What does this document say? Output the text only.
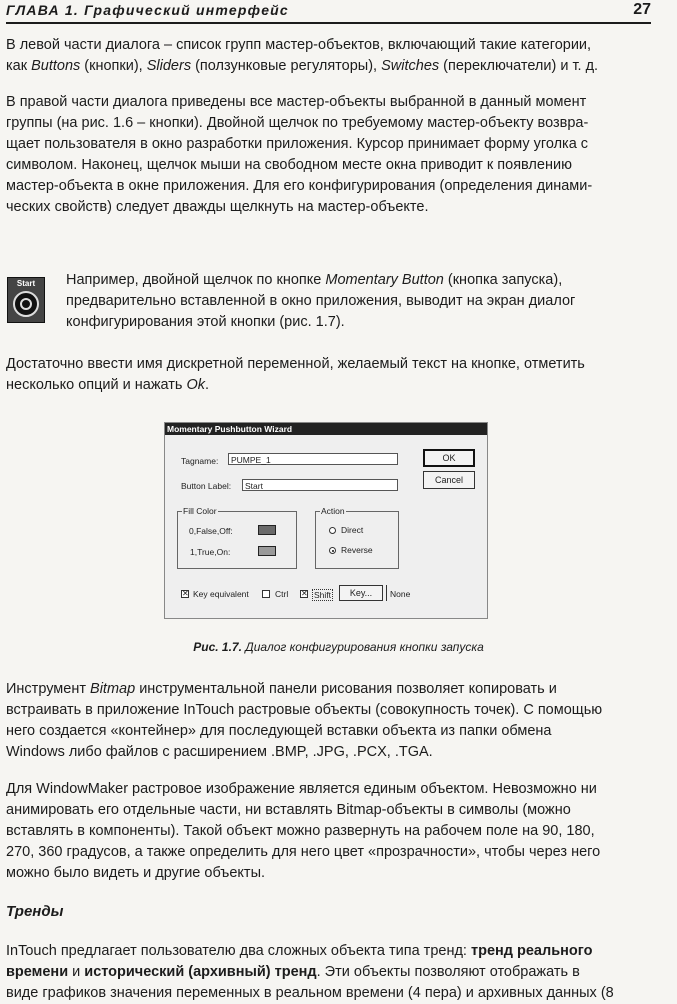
ГЛАВА 1. Графический интерфейс	27
В левой части диалога – список групп мастер-объектов, включающий такие категории,
как Buttons (кнопки), Sliders (ползунковые регуляторы), Switches (переключатели) и т. д.
В правой части диалога приведены все мастер-объекты выбранной в данный момент
группы (на рис. 1.6 – кнопки). Двойной щелчок по требуемому мастер-объекту возвра-
щает пользователя в окно разработки приложения. Курсор принимает форму уголка с
символом. Наконец, щелчок мыши на свободном месте окна приводит к появлению
мастер-объекта в окне приложения. Для его конфигурирования (определения динами-
ческих свойств) следует дважды щелкнуть на мастер-объекте.
Start	Например, двойной щелчок по кнопке Momentary Button (кнопка запуска),
предварительно вставленной в окно приложения, выводит на экран диалог
конфигурирования этой кнопки (рис. 1.7).
Достаточно ввести имя дискретной переменной, желаемый текст на кнопке, отметить
несколько опций и нажать Ok.
Momentary Pushbutton Wizard
Tagname:	PUMPE_1
Button Label:	Start
OK
Cancel
Fill Color
0,False,Off:
1,True,On:
Action
Direct
Reverse
✕ Key equivalent	Ctrl ✕ Shift	Key...	None
Рис. 1.7. Диалог конфигурирования кнопки запуска
Инструмент Bitmap инструментальной панели рисования позволяет копировать и
встраивать в приложение InTouch растровые объекты (совокупность точек). С помощью
него создается «контейнер» для последующей вставки объекта из папки обмена
Windows либо файлов с расширением .BMP, .JPG, .PCX, .TGA.
Для WindowMaker растровое изображение является единым объектом. Невозможно ни
анимировать его отдельные части, ни вставлять Bitmap-объекты в символы (можно
вставлять в компоненты). Такой объект можно развернуть на рабочем поле на 90, 180,
270, 360 градусов, а также определить для него цвет «прозрачности», чтобы через него
можно было видеть и другие объекты.
Тренды
InTouch предлагает пользователю два сложных объекта типа тренд: тренд реального
времени и исторический (архивный) тренд. Эти объекты позволяют отображать в
виде графиков значения переменных в реальном времени (4 пера) и архивных данных (8
